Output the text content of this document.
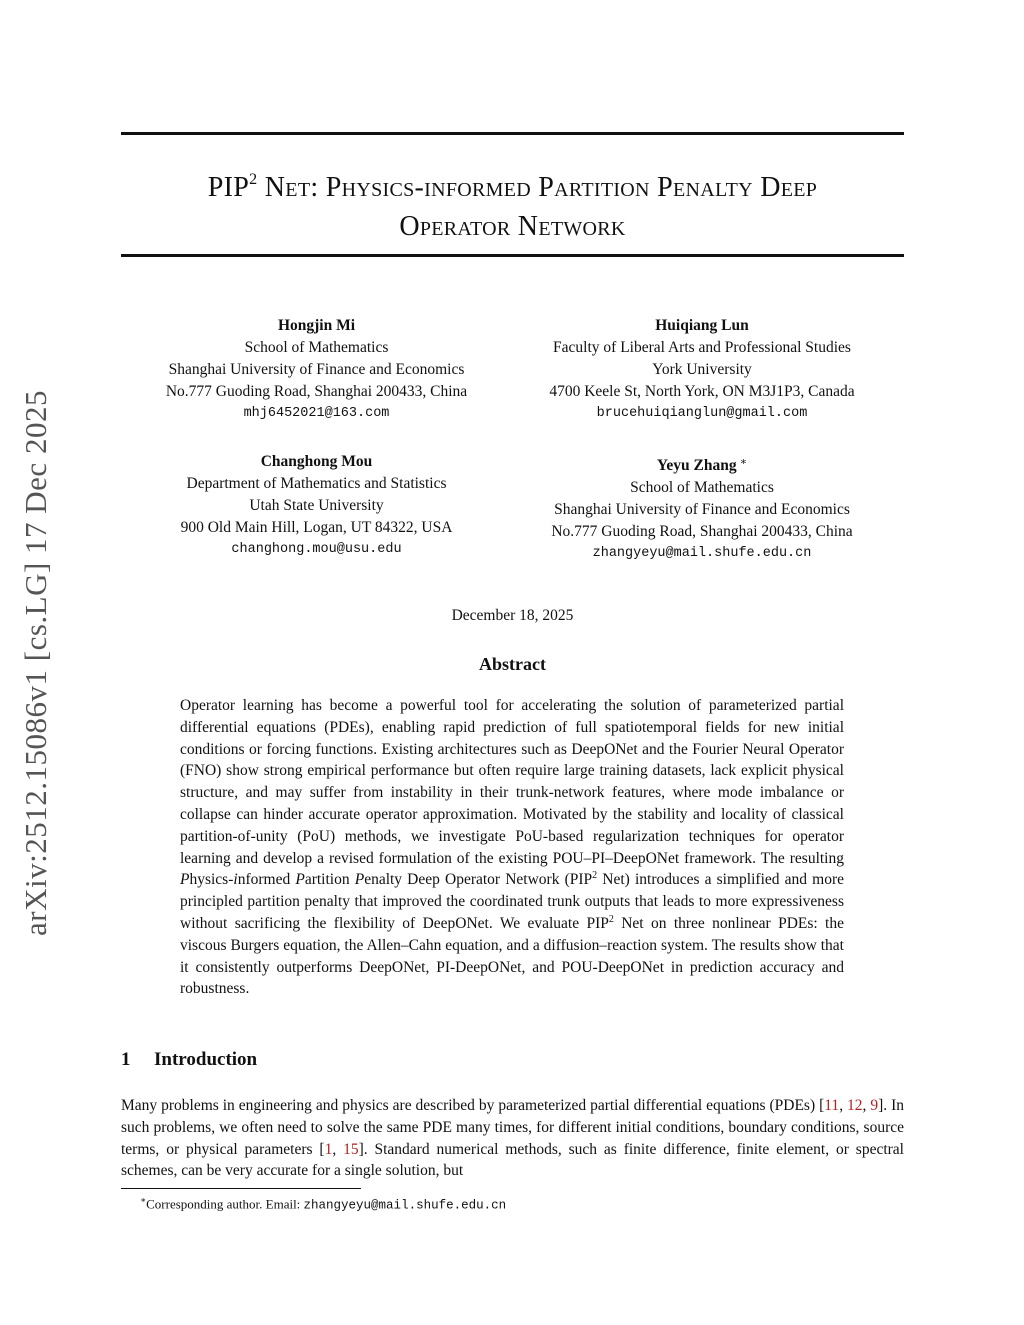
arXiv:2512.15086v1 [cs.LG] 17 Dec 2025
PIP$^2$ Net: Physics-informed Partition Penalty Deep
Operator Network
Hongjin Mi
School of Mathematics
Shanghai University of Finance and Economics
No.777 Guoding Road, Shanghai 200433, China
mhj6452021@163.com
Huiqiang Lun
Faculty of Liberal Arts and Professional Studies
York University
4700 Keele St, North York, ON M3J1P3, Canada
brucehuiqianglun@gmail.com
Changhong Mou
Department of Mathematics and Statistics
Utah State University
900 Old Main Hill, Logan, UT 84322, USA
changhong.mou@usu.edu
Yeyu Zhang ∗
School of Mathematics
Shanghai University of Finance and Economics
No.777 Guoding Road, Shanghai 200433, China
zhangyeyu@mail.shufe.edu.cn
December 18, 2025
Abstract

Operator learning has become a powerful tool for accelerating the solution of parameterized partial differential equations (PDEs), enabling rapid prediction of full spatiotemporal fields for new initial conditions or forcing functions. Existing architectures such as DeepONet and the Fourier Neural Operator (FNO) show strong empirical performance but often require large training datasets, lack explicit physical structure, and may suffer from instability in their trunk-network features, where mode imbalance or collapse can hinder accurate operator approximation. Motivated by the stability and locality of classical partition-of-unity (PoU) methods, we investigate PoU-based regularization techniques for operator learning and develop a revised formulation of the existing POU–PI–DeepONet framework. The resulting Physics-informed Partition Penalty Deep Operator Network (PIP$^2$ Net) introduces a simplified and more principled partition penalty that improved the coordinated trunk outputs that leads to more expressiveness without sacrificing the flexibility of DeepONet. We evaluate PIP$^2$ Net on three nonlinear PDEs: the viscous Burgers equation, the Allen–Cahn equation, and a diffusion–reaction system. The results show that it consistently outperforms DeepONet, PI-DeepONet, and POU-DeepONet in prediction accuracy and robustness.

1 Introduction

Many problems in engineering and physics are described by parameterized partial differential equations (PDEs) [11, 12, 9]. In such problems, we often need to solve the same PDE many times, for different initial conditions, boundary conditions, source terms, or physical parameters [1, 15]. Standard numerical methods, such as finite difference, finite element, or spectral schemes, can be very accurate for a single solution, but

∗Corresponding author. Email: zhangyeyu@mail.shufe.edu.cn
